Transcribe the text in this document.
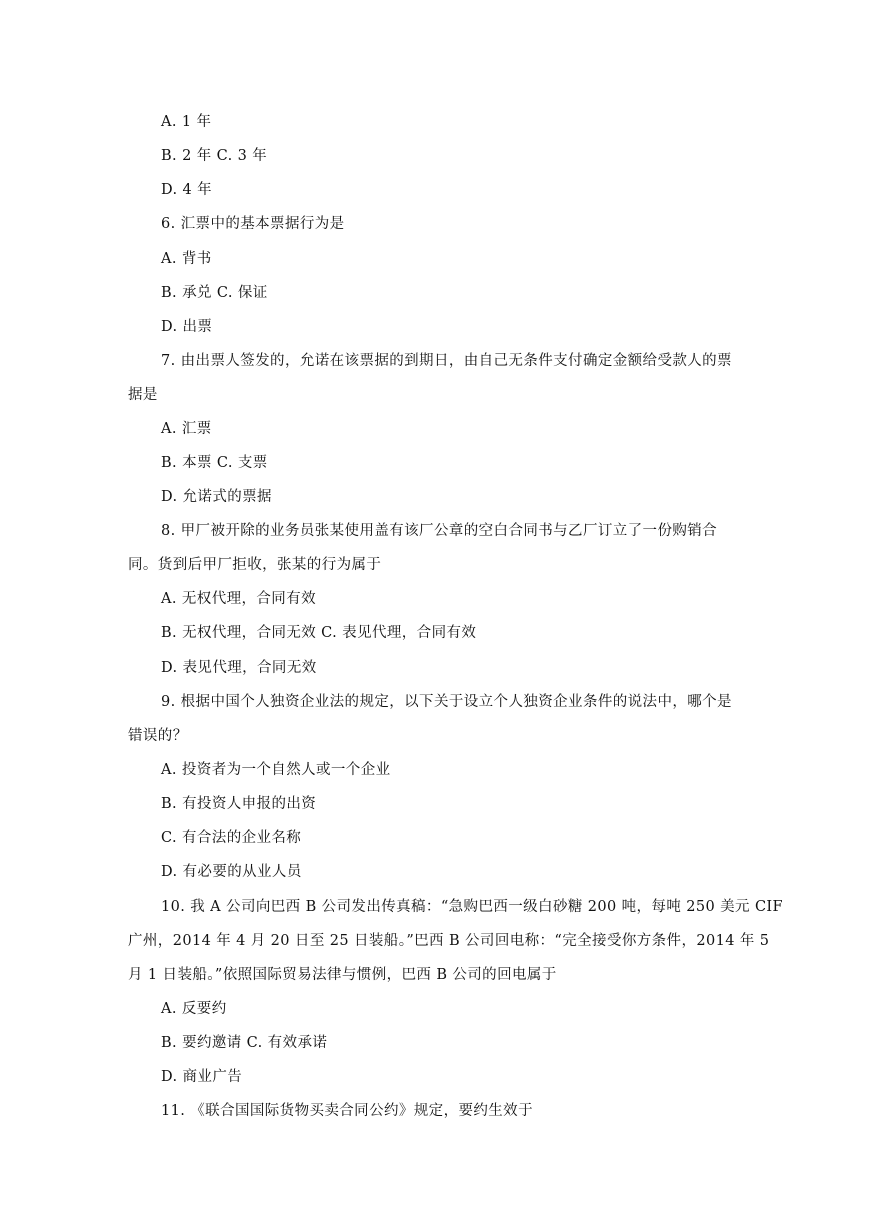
A. 1 年
B. 2 年 C. 3 年
D. 4 年
6. 汇票中的基本票据行为是
A. 背书
B. 承兑 C. 保证
D. 出票
7. 由出票人签发的，允诺在该票据的到期日，由自己无条件支付确定金额给受款人的票
据是
A. 汇票
B. 本票 C. 支票
D. 允诺式的票据
8. 甲厂被开除的业务员张某使用盖有该厂公章的空白合同书与乙厂订立了一份购销合
同。货到后甲厂拒收，张某的行为属于
A. 无权代理，合同有效
B. 无权代理，合同无效 C. 表见代理，合同有效
D. 表见代理，合同无效
9. 根据中国个人独资企业法的规定，以下关于设立个人独资企业条件的说法中，哪个是
错误的？
A. 投资者为一个自然人或一个企业
B. 有投资人申报的出资
C. 有合法的企业名称
D. 有必要的从业人员
10. 我 A 公司向巴西 B 公司发出传真稿：“急购巴西一级白砂糖 200 吨，每吨 250 美元 CIF
广州，2014 年 4 月 20 日至 25 日装船。”巴西 B 公司回电称：“完全接受你方条件，2014 年 5
月 1 日装船。”依照国际贸易法律与惯例，巴西 B 公司的回电属于
A. 反要约
B. 要约邀请 C. 有效承诺
D. 商业广告
11. 《联合国国际货物买卖合同公约》规定，要约生效于
